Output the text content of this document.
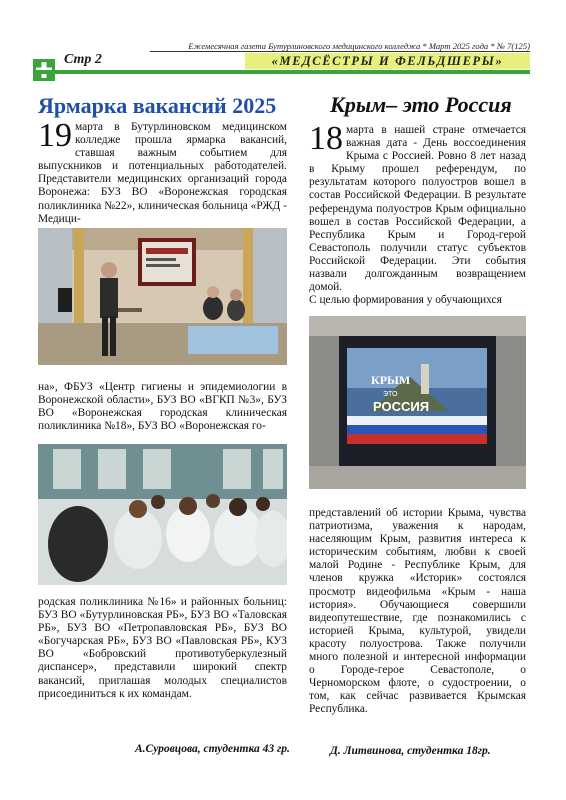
Ежемесячная газета Бутурлиновского медицинского колледжа * Март 2025 года * № 7(125)
Стр 2	«МЕДСЁСТРЫ И ФЕЛЬДШЕРЫ»
Ярмарка вакансий 2025 Крым– это Россия
19 марта в Бутурлиновском медицинском колледже прошла ярмарка вакансий, ставшая важным событием для выпускников и потенциальных работодателей. Представители медицинских организаций города Воронежа: БУЗ ВО «Воронежская городская поликлиника №22», клиническая больница «РЖД - Медици-
на», ФБУЗ «Центр гигиены и эпидемиологии в Воронежской области», БУЗ ВО «ВГКП №3», БУЗ ВО «Воронежская городская клиническая поликлиника №18», БУЗ ВО «Воронежская го-
родская поликлиника №16» и районных больниц: БУЗ ВО «Бутурлиновская РБ», БУЗ ВО «Таловская РБ», БУЗ ВО «Петропавловская РБ», БУЗ ВО «Богучарская РБ», БУЗ ВО «Павловская РБ», КУЗ ВО «Бобровский противотуберкулезный диспансер», представили широкий спектр вакансий, приглашая молодых специалистов присоединиться к их командам.
А.Суровцова, студентка 43 гр.
18 марта в нашей стране отмечается важная дата - День воссоединения Крыма с Россией. Ровно 8 лет назад в Крыму прошел референдум, по результатам которого полуостров вошел в состав Российской Федерации. В результате референдума полуостров Крым официально вошел в состав Российской Федерации, а Республика Крым и Город-герой Севастополь получили статус субъектов Российской Федерации. Эти события назвали долгожданным возвращением домой.

С целью формирования у обучающихся

КРЫМ
ЭТО
РОССИЯ
представлений об истории Крыма, чувства патриотизма, уважения к народам, населяющим Крым, развития интереса к историческим событиям, любви к своей малой Родине - Республике Крым, для членов кружка «Историк» состоялся просмотр видеофильма «Крым - наша история». Обучающиеся совершили видеопутешествие, где познакомились с историей Крыма, культурой, увидели красоту полуострова. Также получили много полезной и интересной информации о Городе-герое Севастополе, о Черноморском флоте, о судостроении, о том, как сейчас развивается Крымская Республика.
Д. Литвинова, студентка 18гр.
